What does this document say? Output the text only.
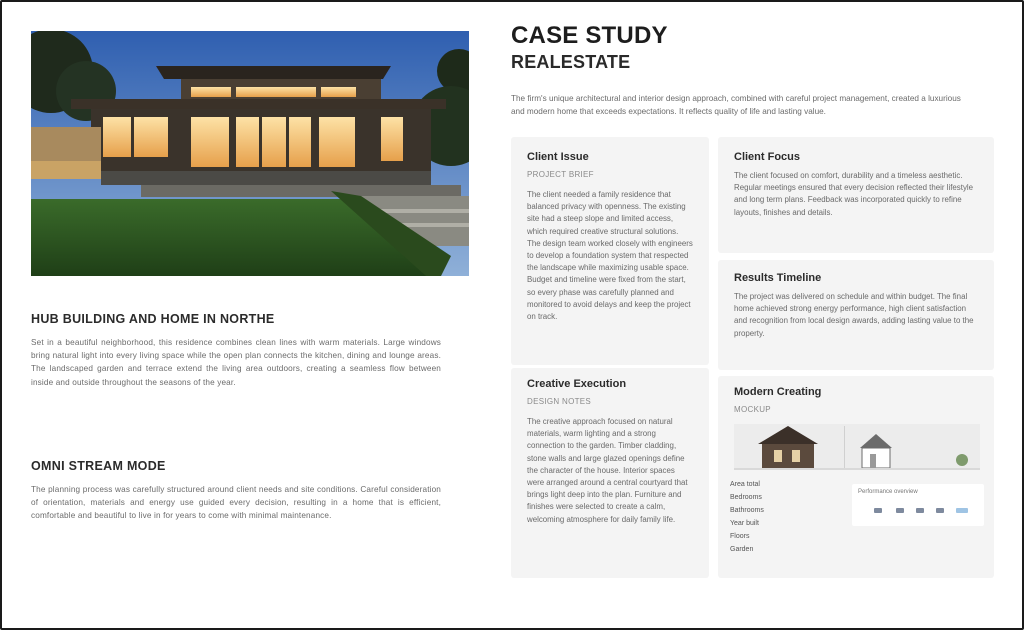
HUB BUILDING AND HOME IN NORTHE
Set in a beautiful neighborhood, this residence combines clean lines with warm materials. Large windows bring natural light into every living space while the open plan connects the kitchen, dining and lounge areas. The landscaped garden and terrace extend the living area outdoors, creating a seamless flow between inside and outside throughout the seasons of the year.
OMNI STREAM MODE
The planning process was carefully structured around client needs and site conditions. Careful consideration of orientation, materials and energy use guided every decision, resulting in a home that is efficient, comfortable and beautiful to live in for years to come with minimal maintenance.
CASE STUDY
REALESTATE
The firm's unique architectural and interior design approach, combined with careful project management, created a luxurious and modern home that exceeds expectations. It reflects quality of life and lasting value.
Client Issue
PROJECT BRIEF
The client needed a family residence that balanced privacy with openness. The existing site had a steep slope and limited access, which required creative structural solutions. The design team worked closely with engineers to develop a foundation system that respected the landscape while maximizing usable space. Budget and timeline were fixed from the start, so every phase was carefully planned and monitored to avoid delays and keep the project on track.
Creative Execution
DESIGN NOTES
The creative approach focused on natural materials, warm lighting and a strong connection to the garden. Timber cladding, stone walls and large glazed openings define the character of the house. Interior spaces were arranged around a central courtyard that brings light deep into the plan. Furniture and finishes were selected to create a calm, welcoming atmosphere for daily family life.
Client Focus
The client focused on comfort, durability and a timeless aesthetic. Regular meetings ensured that every decision reflected their lifestyle and long term plans. Feedback was incorporated quickly to refine layouts, finishes and details.
Results Timeline
The project was delivered on schedule and within budget. The final home achieved strong energy performance, high client satisfaction and recognition from local design awards, adding lasting value to the property.
Modern Creating
MOCKUP
Area total
Bedrooms
Bathrooms
Year built
Floors
Garden
Performance overview
